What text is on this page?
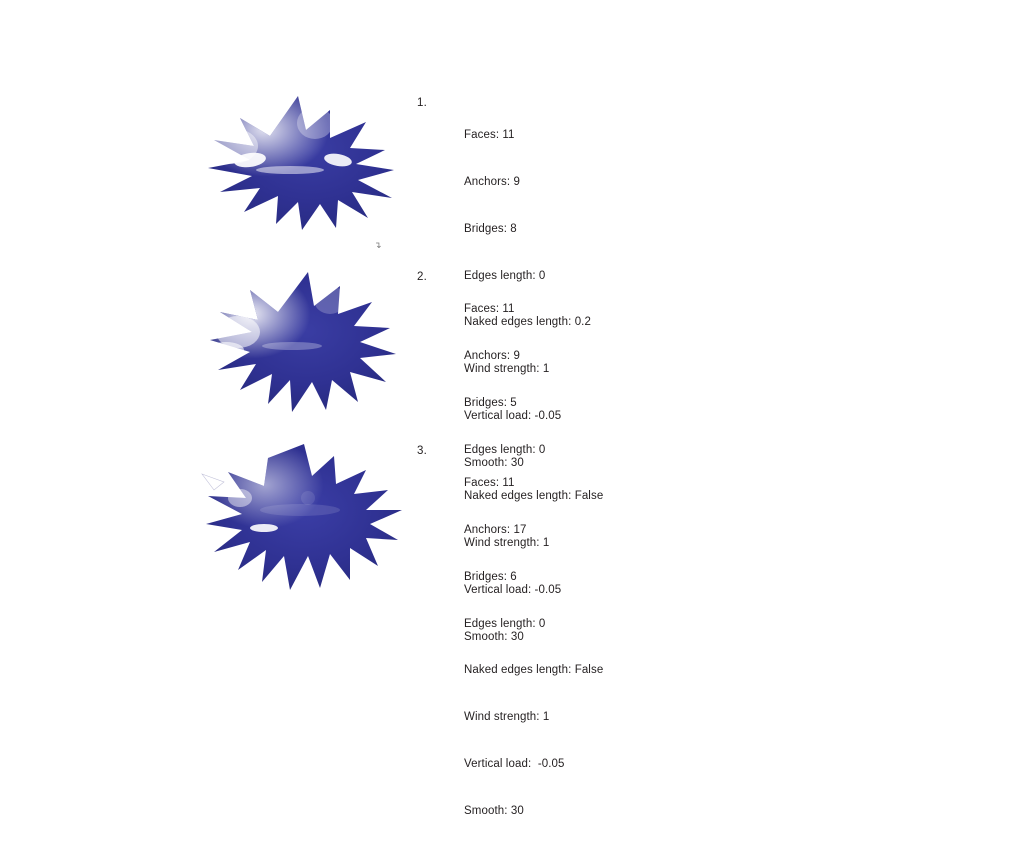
1.

Faces: 11

Anchors: 9

Bridges: 8

Edges length: 0

Naked edges length: 0.2

Wind strength: 1

Vertical load: -0.05

Smooth: 30

↴
2.

Faces: 11

Anchors: 9

Bridges: 5

Edges length: 0

Naked edges length: False

Wind strength: 1

Vertical load: -0.05

Smooth: 30

3.

Faces: 11

Anchors: 17

Bridges: 6

Edges length: 0

Naked edges length: False

Wind strength: 1

Vertical load:  -0.05

Smooth: 30
